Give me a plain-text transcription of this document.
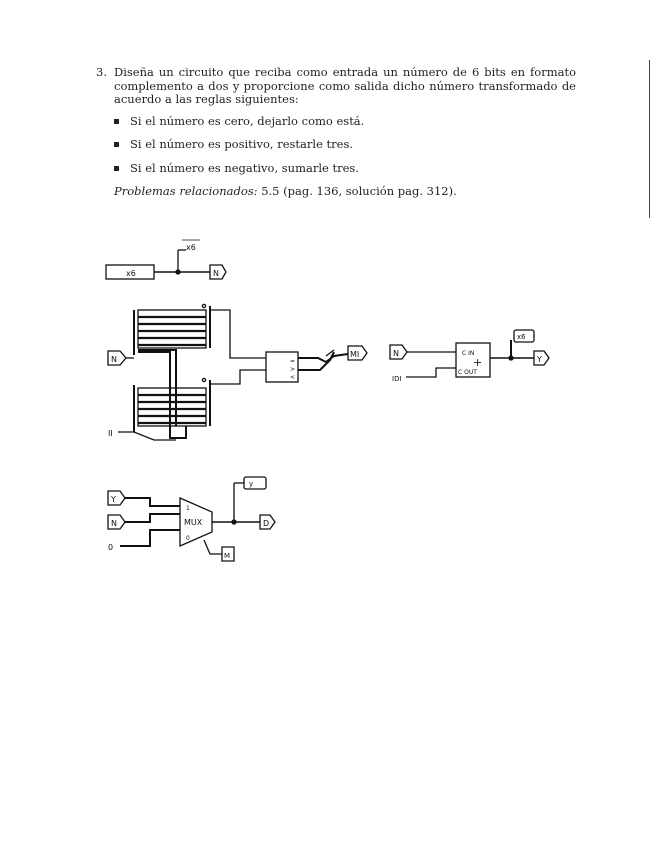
3. Diseña un circuito que reciba como entrada un número de 6 bits en formato complemento a dos y proporcione como salida dicho número transformado de acuerdo a las reglas siguientes:
Si el número es cero, dejarlo como está.
Si el número es positivo, restarle tres.
Si el número es negativo, sumarle tres.
Problemas relacionados: 5.5 (pag. 136, solución pag. 312).
x6
x6
N
N
II
=
>
<
MI	N
IDI
C IN
C OUT
+
x6
Y
Y
N
0
1
0
MUX
y
D
M
